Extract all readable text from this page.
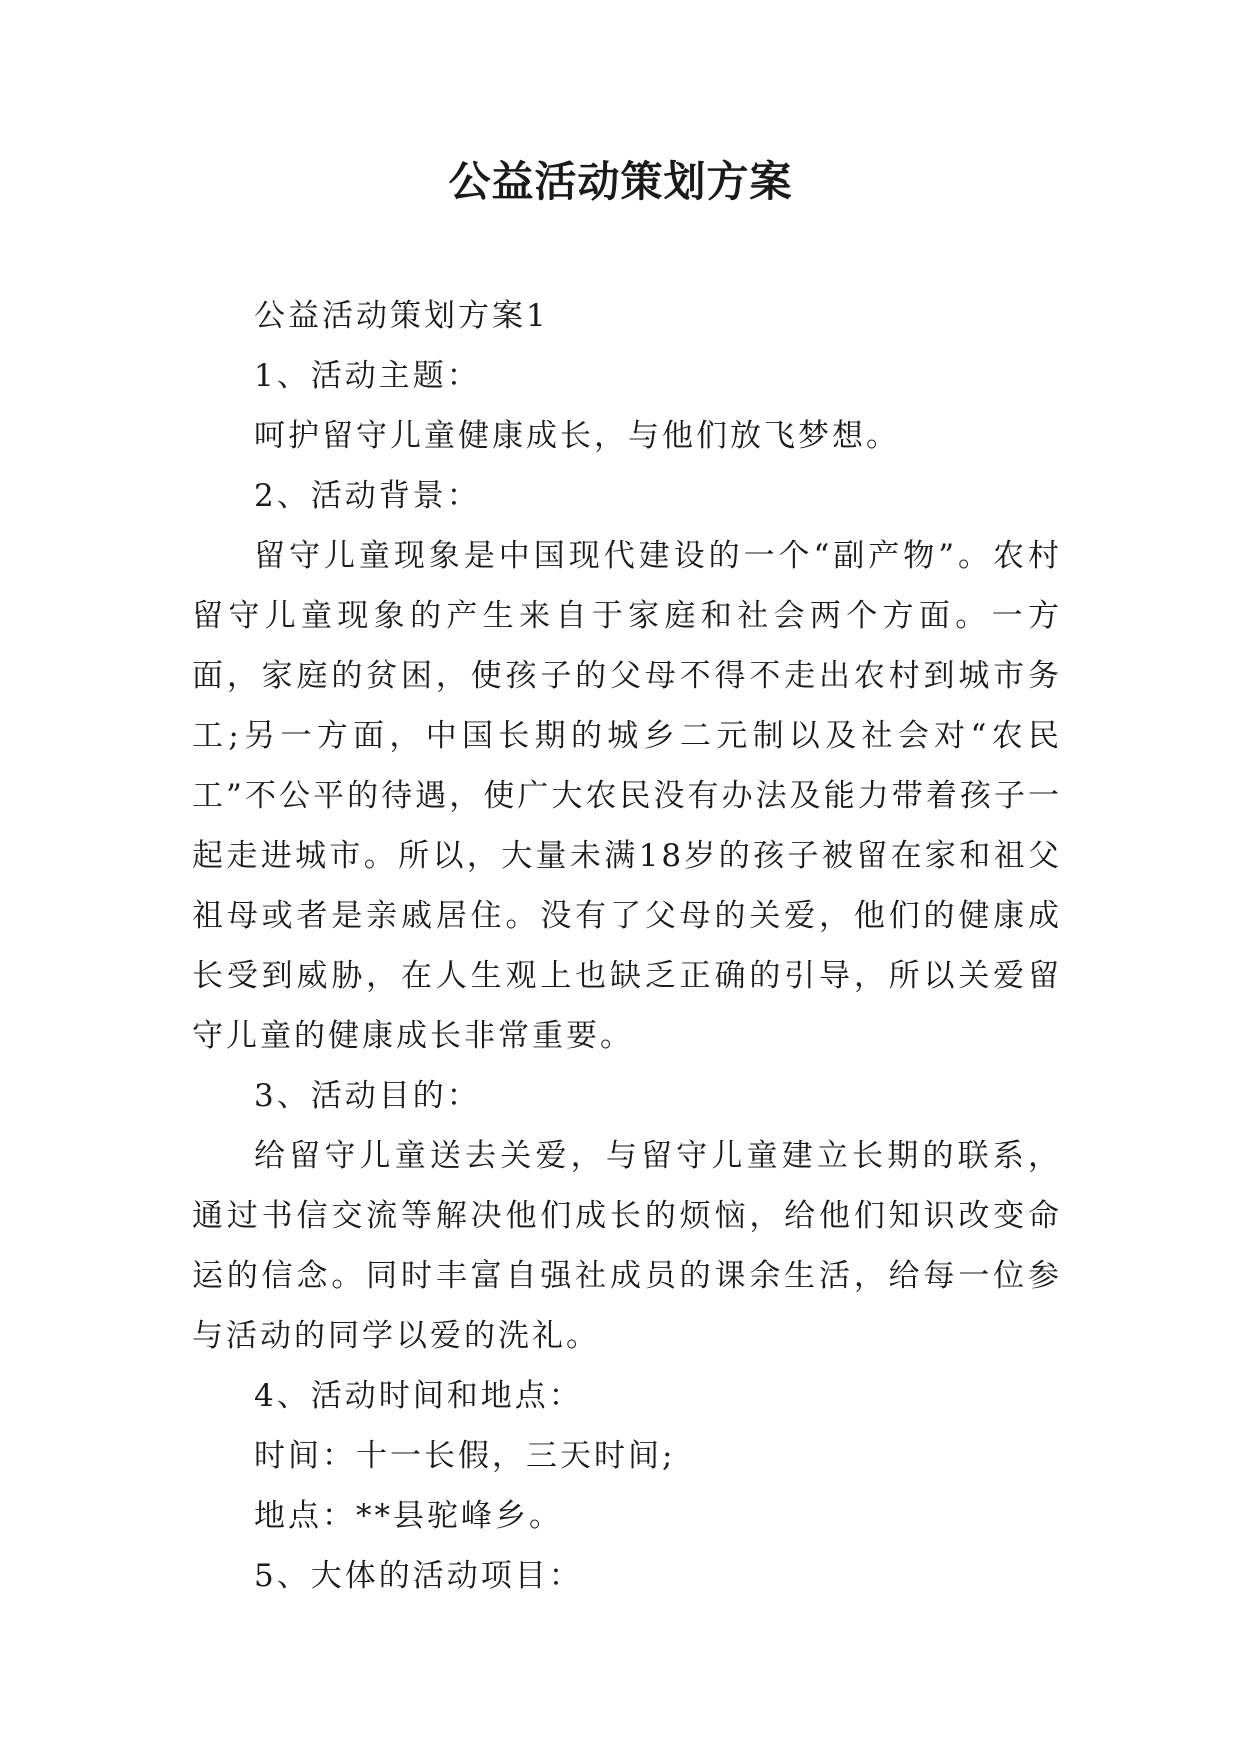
公益活动策划方案

公益活动策划方案1

1、活动主题：

呵护留守儿童健康成长，与他们放飞梦想。

2、活动背景：

留守儿童现象是中国现代建设的一个“副产物”。农村留守儿童现象的产生来自于家庭和社会两个方面。一方面，家庭的贫困，使孩子的父母不得不走出农村到城市务工;另一方面，中国长期的城乡二元制以及社会对“农民工”不公平的待遇，使广大农民没有办法及能力带着孩子一起走进城市。所以，大量未满18岁的孩子被留在家和祖父祖母或者是亲戚居住。没有了父母的关爱，他们的健康成长受到威胁，在人生观上也缺乏正确的引导，所以关爱留守儿童的健康成长非常重要。

3、活动目的：

给留守儿童送去关爱，与留守儿童建立长期的联系，通过书信交流等解决他们成长的烦恼，给他们知识改变命运的信念。同时丰富自强社成员的课余生活，给每一位参与活动的同学以爱的洗礼。

4、活动时间和地点：

时间：十一长假，三天时间;

地点：**县驼峰乡。

5、大体的活动项目：
